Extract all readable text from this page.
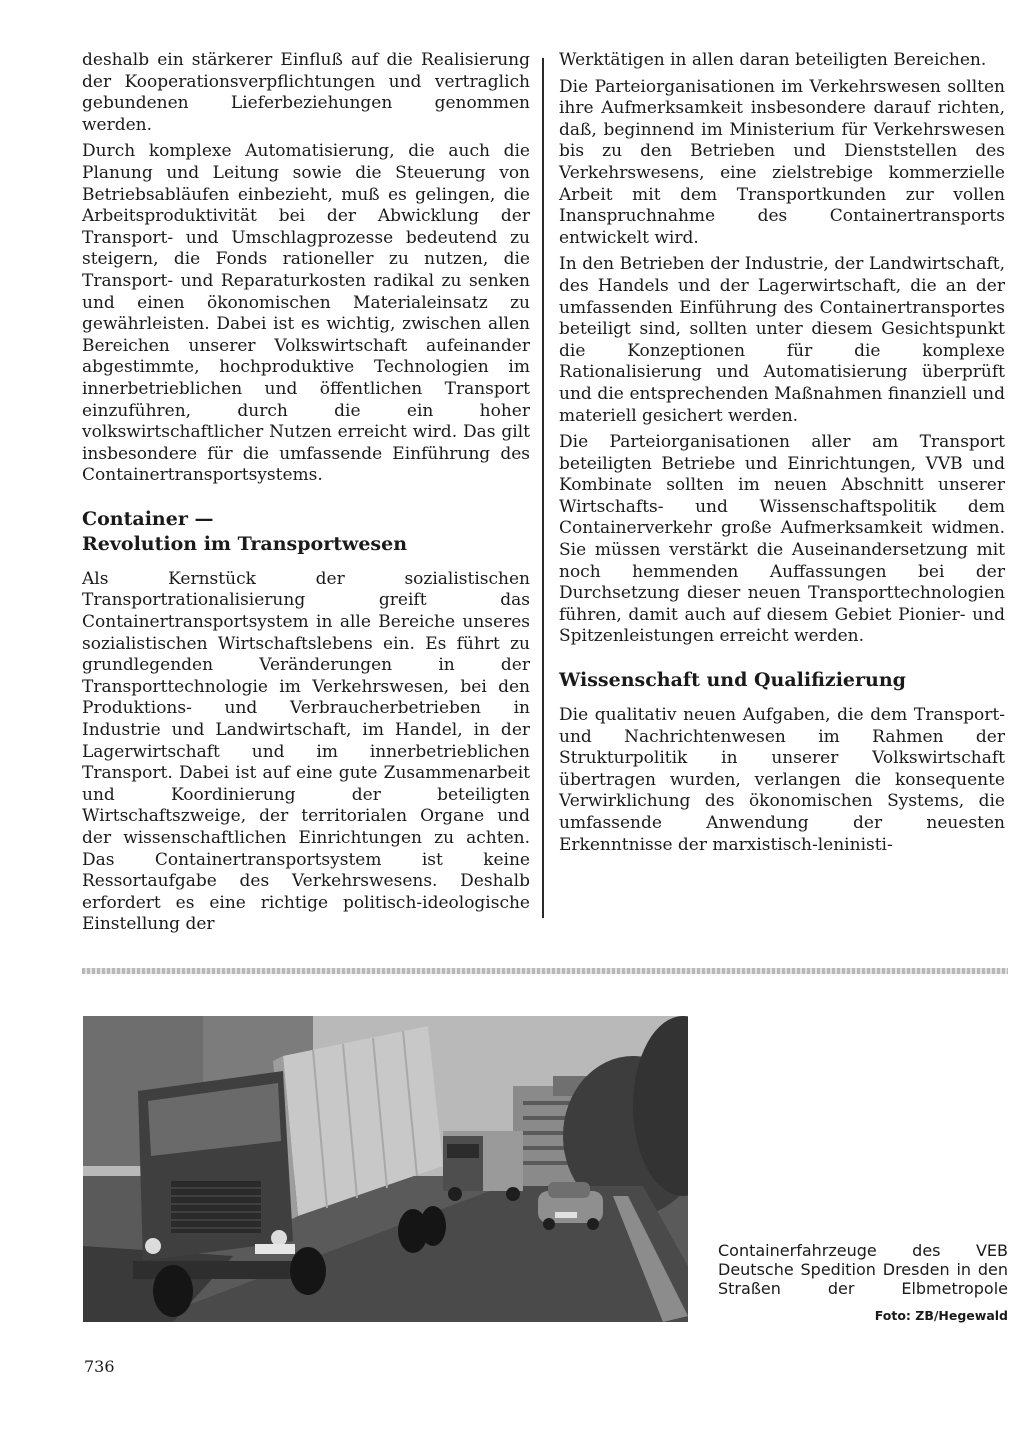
deshalb ein stärkerer Einfluß auf die Realisierung der Kooperationsverpflichtungen und vertraglich gebundenen Lieferbeziehungen genommen werden.

Durch komplexe Automatisierung, die auch die Planung und Leitung sowie die Steuerung von Betriebsabläufen einbezieht, muß es gelingen, die Arbeitsproduktivität bei der Abwicklung der Transport- und Umschlagprozesse bedeutend zu steigern, die Fonds rationeller zu nutzen, die Transport- und Reparaturkosten radikal zu senken und einen ökonomischen Materialeinsatz zu gewährleisten. Dabei ist es wichtig, zwischen allen Bereichen unserer Volkswirtschaft aufeinander abgestimmte, hochproduktive Technologien im innerbetrieblichen und öffentlichen Transport einzuführen, durch die ein hoher volkswirtschaftlicher Nutzen erreicht wird. Das gilt insbesondere für die umfassende Einführung des Containertransportsystems.

Container —
Revolution im Transportwesen

Als Kernstück der sozialistischen Transportrationalisierung greift das Containertransportsystem in alle Bereiche unseres sozialistischen Wirtschaftslebens ein. Es führt zu grundlegenden Veränderungen in der Transporttechnologie im Verkehrswesen, bei den Produktions- und Verbraucherbetrieben in Industrie und Landwirtschaft, im Handel, in der Lagerwirtschaft und im innerbetrieblichen Transport. Dabei ist auf eine gute Zusammenarbeit und Koordinierung der beteiligten Wirtschaftszweige, der territorialen Organe und der wissenschaftlichen Einrichtungen zu achten. Das Containertransportsystem ist keine Ressortaufgabe des Verkehrswesens. Deshalb erfordert es eine richtige politisch-ideologische Einstellung der

Werktätigen in allen daran beteiligten Bereichen.

Die Parteiorganisationen im Verkehrswesen sollten ihre Aufmerksamkeit insbesondere darauf richten, daß, beginnend im Ministerium für Verkehrswesen bis zu den Betrieben und Dienststellen des Verkehrswesens, eine zielstrebige kommerzielle Arbeit mit dem Transportkunden zur vollen Inanspruchnahme des Containertransports entwickelt wird.

In den Betrieben der Industrie, der Landwirtschaft, des Handels und der Lagerwirtschaft, die an der umfassenden Einführung des Containertransportes beteiligt sind, sollten unter diesem Gesichtspunkt die Konzeptionen für die komplexe Rationalisierung und Automatisierung überprüft und die entsprechenden Maßnahmen finanziell und materiell gesichert werden.

Die Parteiorganisationen aller am Transport beteiligten Betriebe und Einrichtungen, VVB und Kombinate sollten im neuen Abschnitt unserer Wirtschafts- und Wissenschaftspolitik dem Containerverkehr große Aufmerksamkeit widmen. Sie müssen verstärkt die Auseinandersetzung mit noch hemmenden Auffassungen bei der Durchsetzung dieser neuen Transporttechnologien führen, damit auch auf diesem Gebiet Pionier- und Spitzenleistungen erreicht werden.

Wissenschaft und Qualifizierung

Die qualitativ neuen Aufgaben, die dem Transport- und Nachrichtenwesen im Rahmen der Strukturpolitik in unserer Volkswirtschaft übertragen wurden, verlangen die konsequente Verwirklichung des ökonomischen Systems, die umfassende Anwendung der neuesten Erkenntnisse der marxistisch-leninisti-

Containerfahrzeuge des VEB Deutsche Spedition Dresden in den Straßen der Elbmetropole
Foto: ZB/Hegewald
736
